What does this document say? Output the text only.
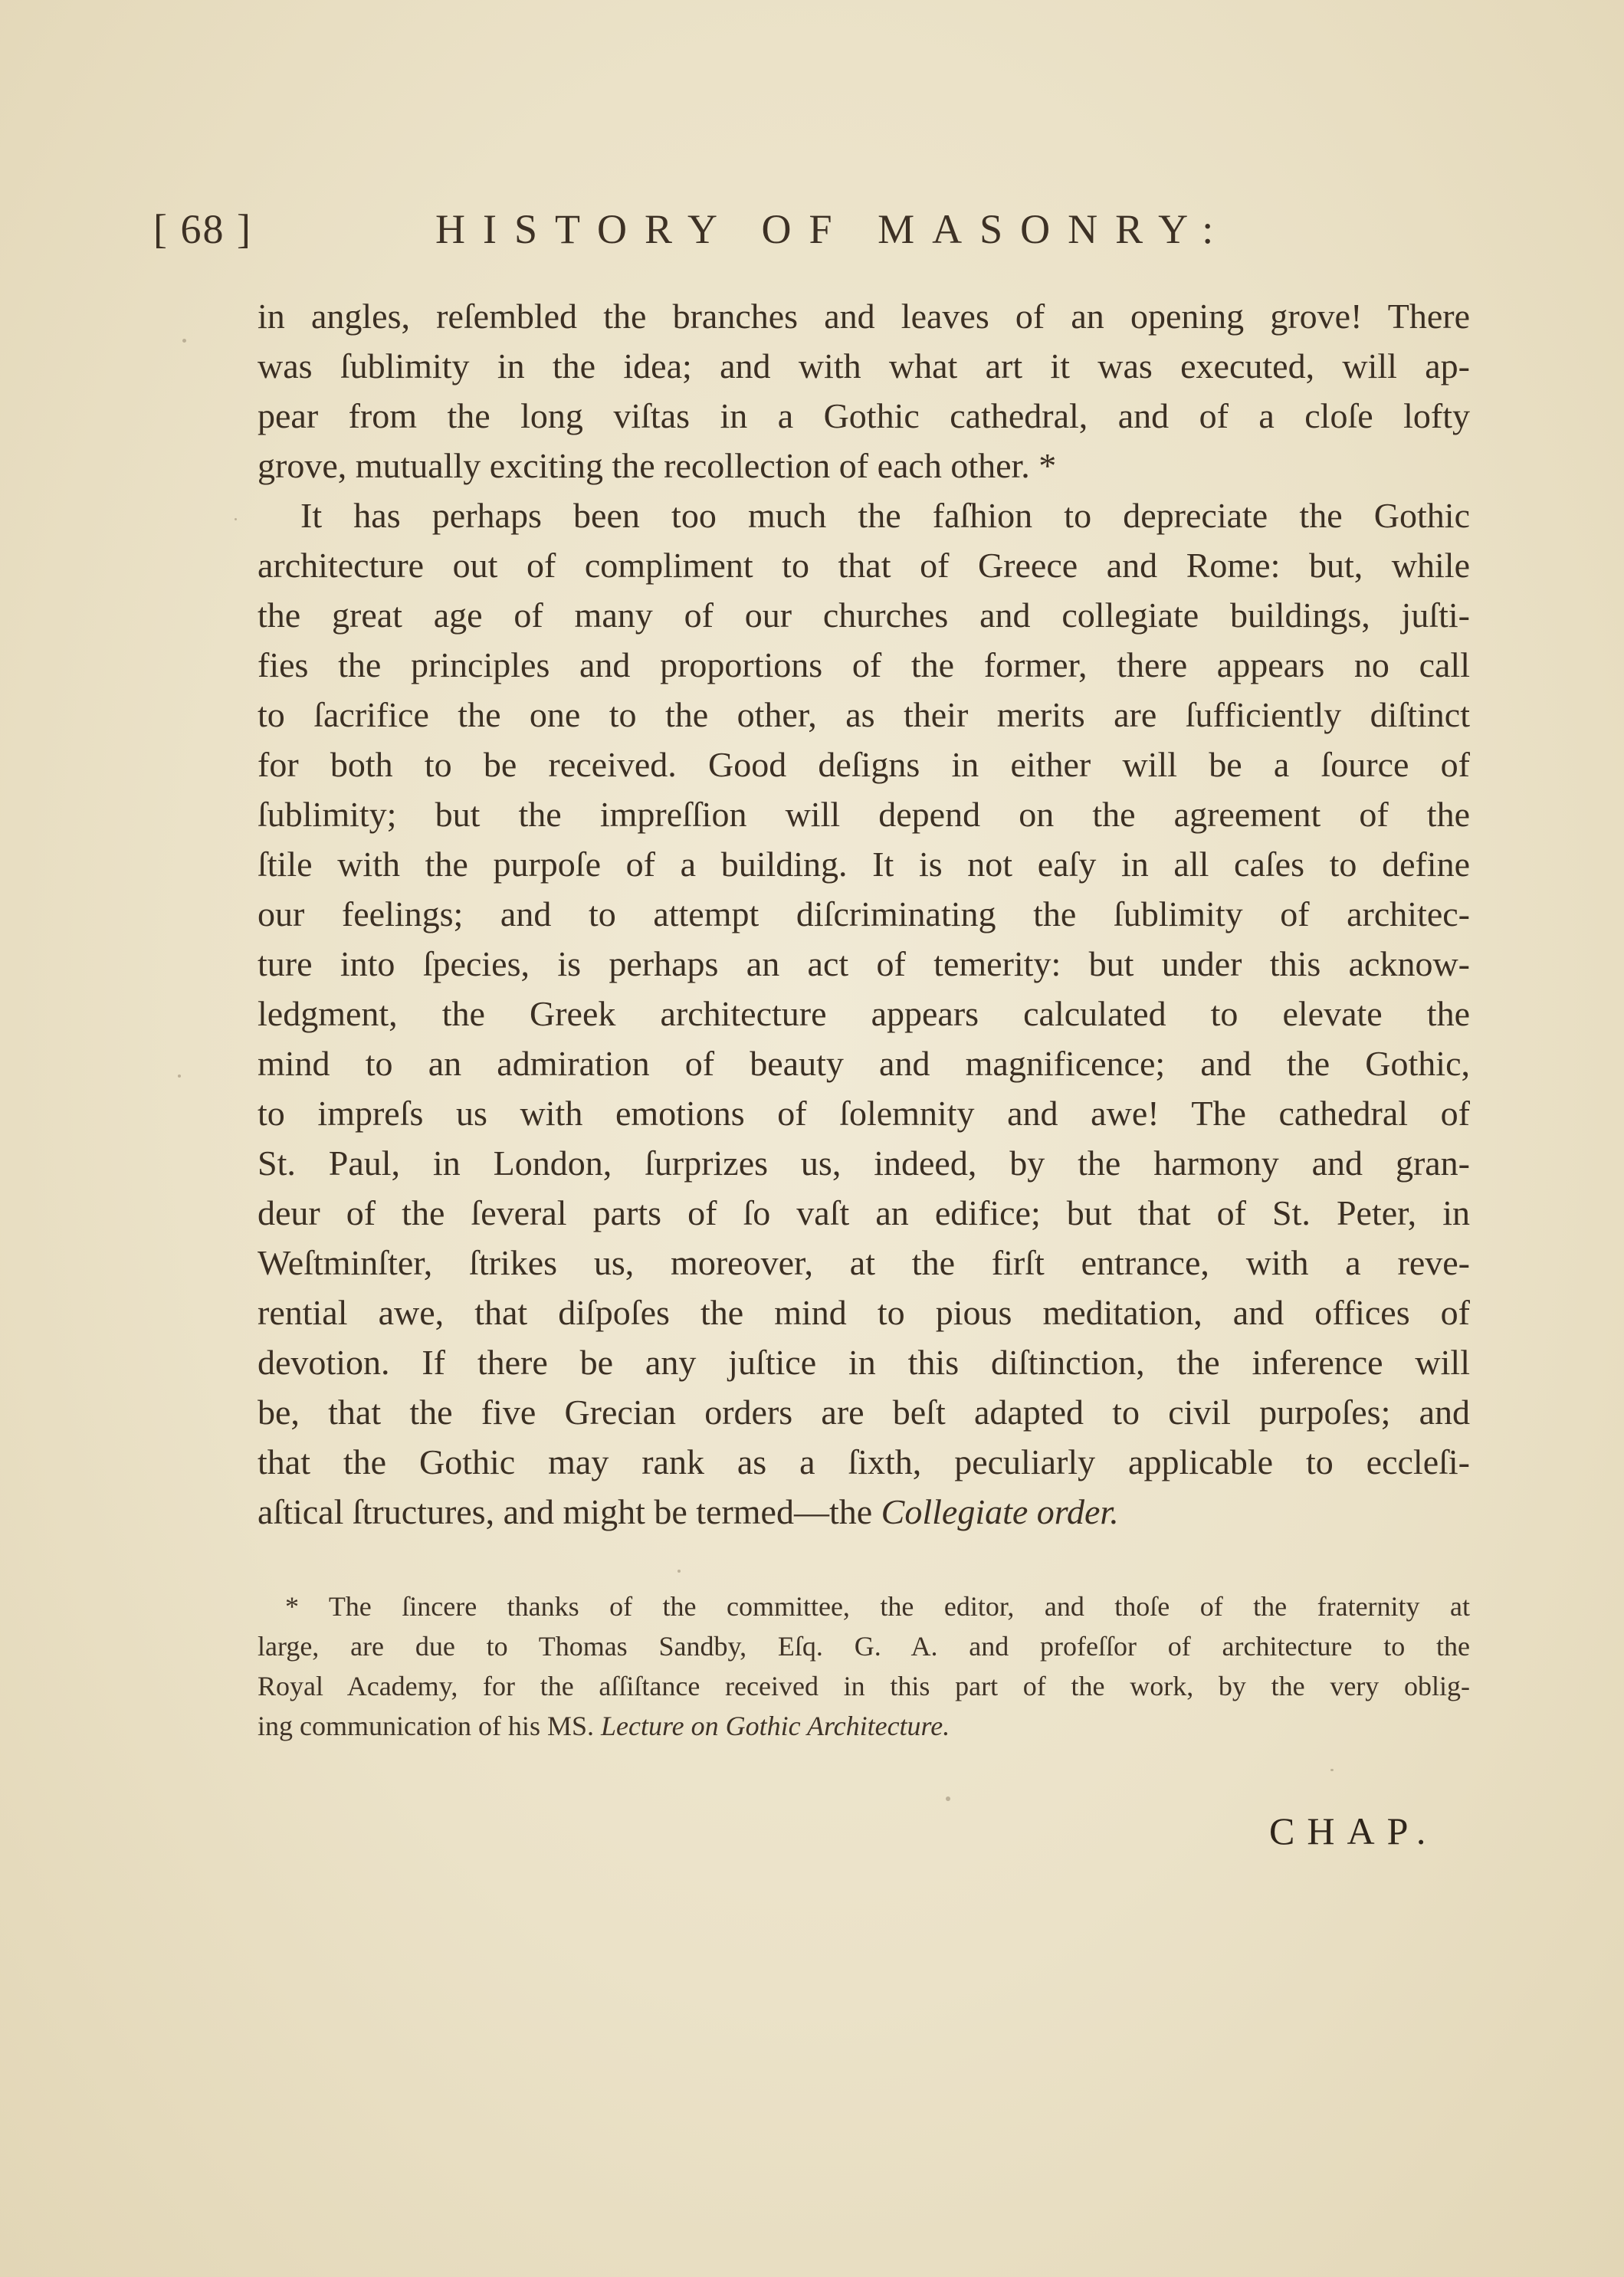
[ 68 ]	HISTORY OF MASONRY:
in angles, reſembled the branches and leaves of an opening grove! There
was ſublimity in the idea; and with what art it was executed, will ap-
pear from the long viſtas in a Gothic cathedral, and of a cloſe lofty
grove, mutually exciting the recollection of each other. *
It has perhaps been too much the faſhion to depreciate the Gothic
architecture out of compliment to that of Greece and Rome: but, while
the great age of many of our churches and collegiate buildings, juſti-
fies the principles and proportions of the former, there appears no call
to ſacrifice the one to the other, as their merits are ſufficiently diſtinct
for both to be received. Good deſigns in either will be a ſource of
ſublimity; but the impreſſion will depend on the agreement of the
ſtile with the purpoſe of a building. It is not eaſy in all caſes to define
our feelings; and to attempt diſcriminating the ſublimity of architec-
ture into ſpecies, is perhaps an act of temerity: but under this acknow-
ledgment, the Greek architecture appears calculated to elevate the
mind to an admiration of beauty and magnificence; and the Gothic,
to impreſs us with emotions of ſolemnity and awe! The cathedral of
St. Paul, in London, ſurprizes us, indeed, by the harmony and gran-
deur of the ſeveral parts of ſo vaſt an edifice; but that of St. Peter, in
Weſtminſter, ſtrikes us, moreover, at the firſt entrance, with a reve-
rential awe, that diſpoſes the mind to pious meditation, and offices of
devotion. If there be any juſtice in this diſtinction, the inference will
be, that the five Grecian orders are beſt adapted to civil purpoſes; and
that the Gothic may rank as a ſixth, peculiarly applicable to eccleſi-
aſtical ſtructures, and might be termed—the Collegiate order.
* The ſincere thanks of the committee, the editor, and thoſe of the fraternity at
large, are due to Thomas Sandby, Eſq. G. A. and profeſſor of architecture to the
Royal Academy, for the aſſiſtance received in this part of the work, by the very oblig-
ing communication of his MS. Lecture on Gothic Architecture.
CHAP.
